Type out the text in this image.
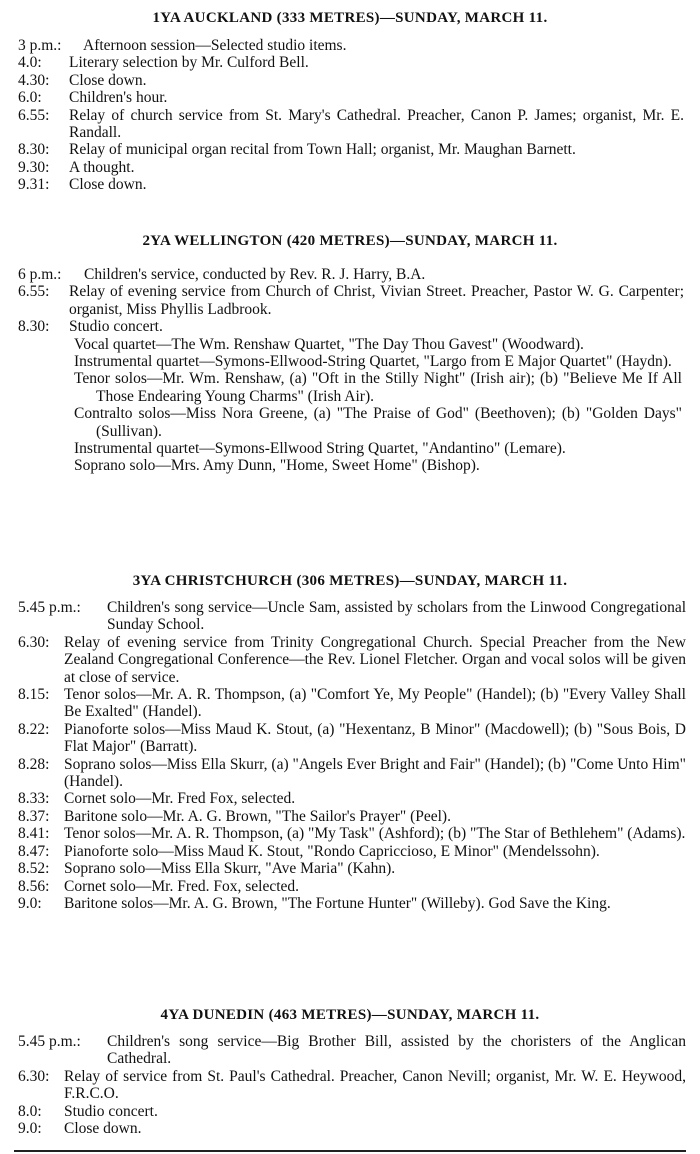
1YA AUCKLAND (333 METRES)—SUNDAY, MARCH 11.
3 p.m.: Afternoon session—Selected studio items.
4.0: Literary selection by Mr. Culford Bell.
4.30: Close down.
6.0: Children's hour.
6.55: Relay of church service from St. Mary's Cathedral. Preacher, Canon P. James; organist, Mr. E. Randall.
8.30: Relay of municipal organ recital from Town Hall; organist, Mr. Maughan Barnett.
9.30: A thought.
9.31: Close down.
2YA WELLINGTON (420 METRES)—SUNDAY, MARCH 11.
6 p.m.: Children's service, conducted by Rev. R. J. Harry, B.A.
6.55: Relay of evening service from Church of Christ, Vivian Street. Preacher, Pastor W. G. Carpenter; organist, Miss Phyllis Ladbrook.
8.30: Studio concert.
Vocal quartet—The Wm. Renshaw Quartet, "The Day Thou Gavest" (Woodward).
Instrumental quartet—Symons-Ellwood-String Quartet, "Largo from E Major Quartet" (Haydn).
Tenor solos—Mr. Wm. Renshaw, (a) "Oft in the Stilly Night" (Irish air); (b) "Believe Me If All Those Endearing Young Charms" (Irish Air).
Contralto solos—Miss Nora Greene, (a) "The Praise of God" (Beethoven); (b) "Golden Days" (Sullivan).
Instrumental quartet—Symons-Ellwood String Quartet, "Andantino" (Lemare).
Soprano solo—Mrs. Amy Dunn, "Home, Sweet Home" (Bishop).
3YA CHRISTCHURCH (306 METRES)—SUNDAY, MARCH 11.
5.45 p.m.: Children's song service—Uncle Sam, assisted by scholars from the Linwood Congregational Sunday School.
6.30: Relay of evening service from Trinity Congregational Church. Special Preacher from the New Zealand Congregational Conference—the Rev. Lionel Fletcher. Organ and vocal solos will be given at close of service.
8.15: Tenor solos—Mr. A. R. Thompson, (a) "Comfort Ye, My People" (Handel); (b) "Every Valley Shall Be Exalted" (Handel).
8.22: Pianoforte solos—Miss Maud K. Stout, (a) "Hexentanz, B Minor" (Macdowell); (b) "Sous Bois, D Flat Major" (Barratt).
8.28: Soprano solos—Miss Ella Skurr, (a) "Angels Ever Bright and Fair" (Handel); (b) "Come Unto Him" (Handel).
8.33: Cornet solo—Mr. Fred Fox, selected.
8.37: Baritone solo—Mr. A. G. Brown, "The Sailor's Prayer" (Peel).
8.41: Tenor solos—Mr. A. R. Thompson, (a) "My Task" (Ashford); (b) "The Star of Bethlehem" (Adams).
8.47: Pianoforte solo—Miss Maud K. Stout, "Rondo Capriccioso, E Minor" (Mendelssohn).
8.52: Soprano solo—Miss Ella Skurr, "Ave Maria" (Kahn).
8.56: Cornet solo—Mr. Fred. Fox, selected.
9.0: Baritone solos—Mr. A. G. Brown, "The Fortune Hunter" (Willeby). God Save the King.
4YA DUNEDIN (463 METRES)—SUNDAY, MARCH 11.
5.45 p.m.: Children's song service—Big Brother Bill, assisted by the choristers of the Anglican Cathedral.
6.30: Relay of service from St. Paul's Cathedral. Preacher, Canon Nevill; organist, Mr. W. E. Heywood, F.R.C.O.
8.0: Studio concert.
9.0: Close down.
